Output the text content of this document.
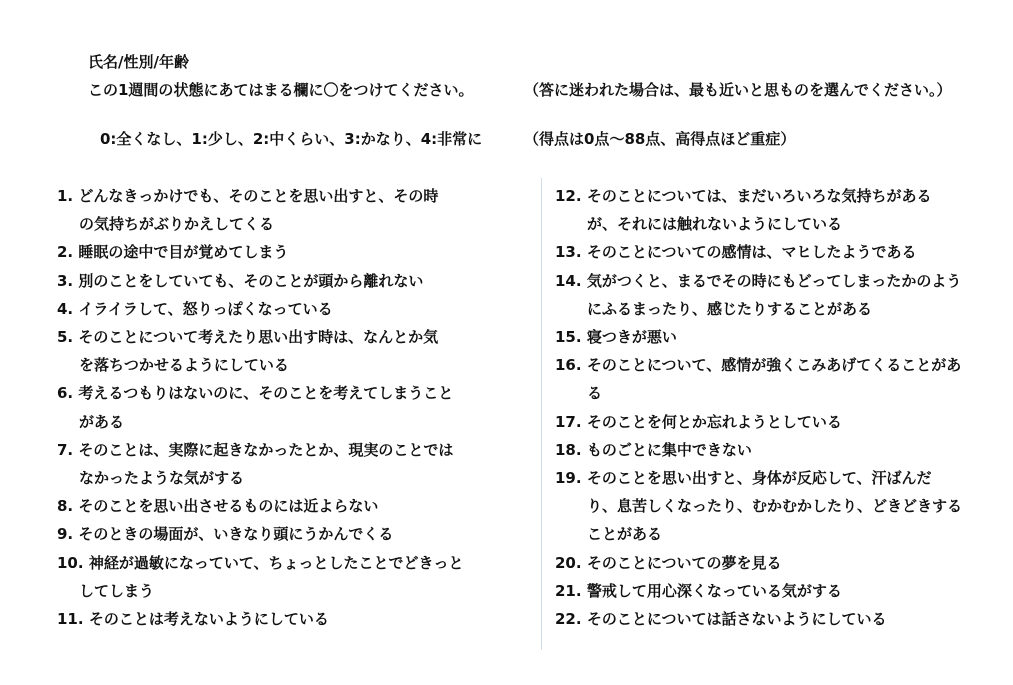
氏名/性別/年齢
この1週間の状態にあてはまる欄に〇をつけてください。	（答に迷われた場合は、最も近いと思ものを選んでください。）
0:全くなし、1:少し、2:中くらい、3:かなり、4:非常に	（得点は0点～88点、高得点ほど重症）
1. どんなきっかけでも、そのことを思い出すと、その時
の気持ちがぶりかえしてくる
2. 睡眠の途中で目が覚めてしまう
3. 別のことをしていても、そのことが頭から離れない
4. イライラして、怒りっぽくなっている
5. そのことについて考えたり思い出す時は、なんとか気
を落ちつかせるようにしている
6. 考えるつもりはないのに、そのことを考えてしまうこと
がある
7. そのことは、実際に起きなかったとか、現実のことでは
なかったような気がする
8. そのことを思い出させるものには近よらない
9. そのときの場面が、いきなり頭にうかんでくる
10. 神経が過敏になっていて、ちょっとしたことでどきっと
してしまう
11. そのことは考えないようにしている
12. そのことについては、まだいろいろな気持ちがある
が、それには触れないようにしている
13. そのことについての感情は、マヒしたようである
14. 気がつくと、まるでその時にもどってしまったかのよう
にふるまったり、感じたりすることがある
15. 寝つきが悪い
16. そのことについて、感情が強くこみあげてくることがあ
る
17. そのことを何とか忘れようとしている
18. ものごとに集中できない
19. そのことを思い出すと、身体が反応して、汗ばんだ
り、息苦しくなったり、むかむかしたり、どきどきする
ことがある
20. そのことについての夢を見る
21. 警戒して用心深くなっている気がする
22. そのことについては話さないようにしている
